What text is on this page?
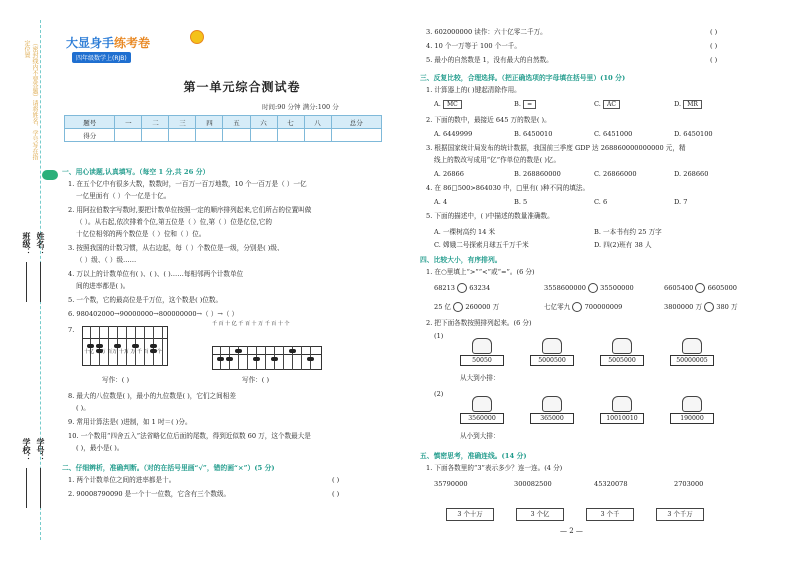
（密封线内不要答题）请将姓名、学号写在指定位置
班级： 姓名：
学校： 学号：
大显身手练考卷
四年级数学上(RJB)
第一单元综合测试卷
时间:90 分钟 满分:100 分
题号	一	二	三	四	五	六	七	八	总分
得分									
一、用心读题,认真填写。（每空 1 分,共 26 分）
1. 在五个亿中有很多大数，数数时，一百万一百万地数，10 个一百万是（ ）一亿
一亿里面有（ ）个一亿是十亿。
2. 用阿拉伯数字写数时,要把计数单位按照一定的顺序排列起来,它们所占的位置叫做
（ ）。从右起,依次排着个位,第五位是（ ）位,第（ ）位是亿位,它的
十亿位相邻的两个数位是（ ）位和（ ）位。
3. 按照我国的计数习惯，从右边起，每（ ）个数位是一级，分别是( )级、
（ ）级、（ ）级……
4. 万以上的计数单位有( )、( )、( )……每相邻两个计数单位
间的进率都是( )。
5. 一个数，它的最高位是千万位，这个数是( )位数。
6. 980402000→90000000→800000000→（ ）→（ ）
7.
十亿 千万 百万 十万 万 千 百 十 个
写作：( )
千 百 十 亿 千 百 十 万 千 百 十 个
写作：( )
8. 最大的八位数是( )，最小的九位数是( )，它们之间相差
( )。
9. 常用计算法是( )进制，如 1 吋＝( )分。
10. 一个数用“四舍五入”法省略亿位后面的尾数，得到近似数 60 万，这个数最大是
( )，最小是( )。
二、仔细辨析，准确判断。（对的在括号里画“√”，错的画“×”）(5 分)
1. 两个计数单位之间的进率都是十。	( )
2. 90008790090 是一个十一位数，它含有三个数级。	( )
3. 602000000 读作：六十亿零二千万。	( )
4. 10 个一万等于 100 个一千。	( )
5. 最小的自然数是 1，没有最大的自然数。	( )
三、反复比较，合理选择。（把正确选项的字母填在括号里）(10 分)
1. 计算器上的( )键起清除作用。
A. MC	B. =	C. AC	D. MR
2. 下面的数中，最接近 645 万的数是( )。
A. 6449999	B. 6450010	C. 6451000	D. 6450100
3. 根据国家统计局发布的统计数据，我国前三季度 GDP 达 268860000000000 元，精
线上的数改写成用“亿”作单位的数是( )亿。
A. 26866	B. 268860000	C. 26866000	D. 268660
4. 在 86□500>864030 中，□里有( )种不同的填法。
A. 4	B. 5	C. 6	D. 7
5. 下面的描述中，( )中描述的数量准确数。
A. 一棵树高约 14 米	B. 一本书有约 25 万字
C. 嫦娥二号探索月球五千万千米	D. 四(2)班有 38 人
四、比较大小，有序排列。
1. 在○里填上“>”“<”或“=”。(6 分)
68213 63234	3558600000 35500000	6605400 6605000
25 亿 260000 万	七亿零九 700000009	3800000 万 380 万
2. 把下面各数按照排列起来。(6 分)
(1)
50050	5000500	5005000	50000005
从大到小排：
(2)
3560000	365000	10010010	190000
从小到大排：
五、慎密思考，准确连线。(14 分)
1. 下面各数里的“3”表示多少？连一连。(4 分)
35790000	300082500	45320078	2703000
3 个十万	3 个亿	3 个千	3 个千万
— 2 —
